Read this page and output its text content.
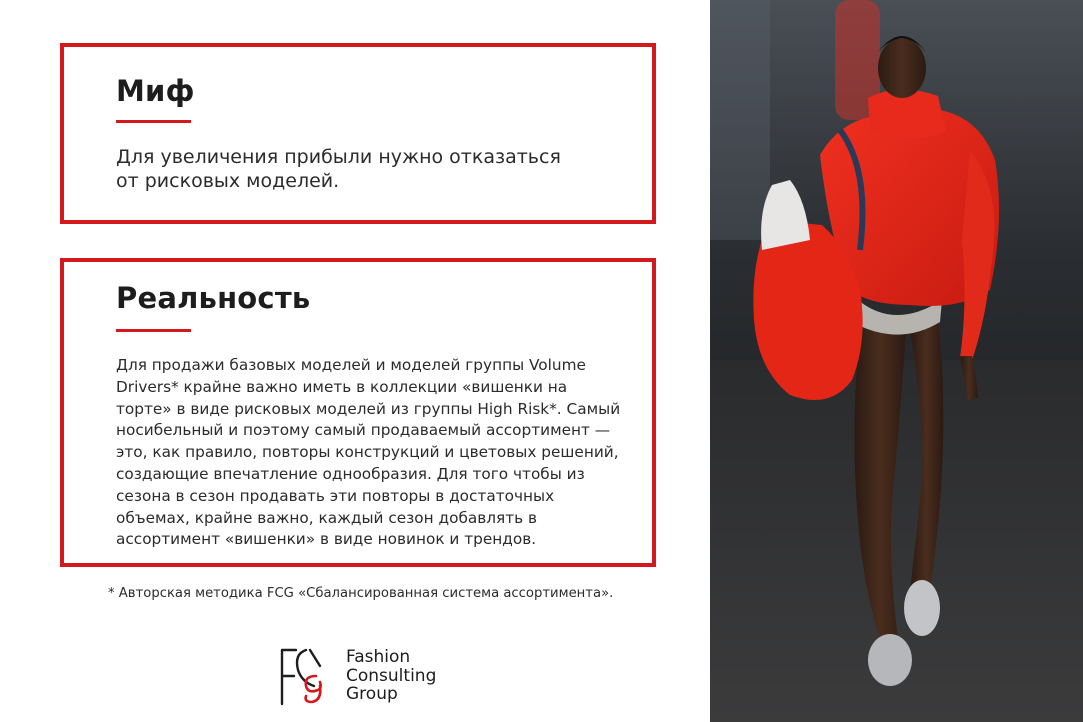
Миф
Для увеличения прибыли нужно отказаться
от рисковых моделей.
Реальность
Для продажи базовых моделей и моделей группы Volume
Drivers* крайне важно иметь в коллекции «вишенки на
торте» в виде рисковых моделей из группы High Risk*. Самый
носибельный и поэтому самый продаваемый ассортимент —
это, как правило, повторы конструкций и цветовых решений,
создающие впечатление однообразия. Для того чтобы из
сезона в сезон продавать эти повторы в достаточных
объемах, крайне важно, каждый сезон добавлять в
ассортимент «вишенки» в виде новинок и трендов.
* Авторская методика FCG «Сбалансированная система ассортимента».
Fashion
Consulting
Group
